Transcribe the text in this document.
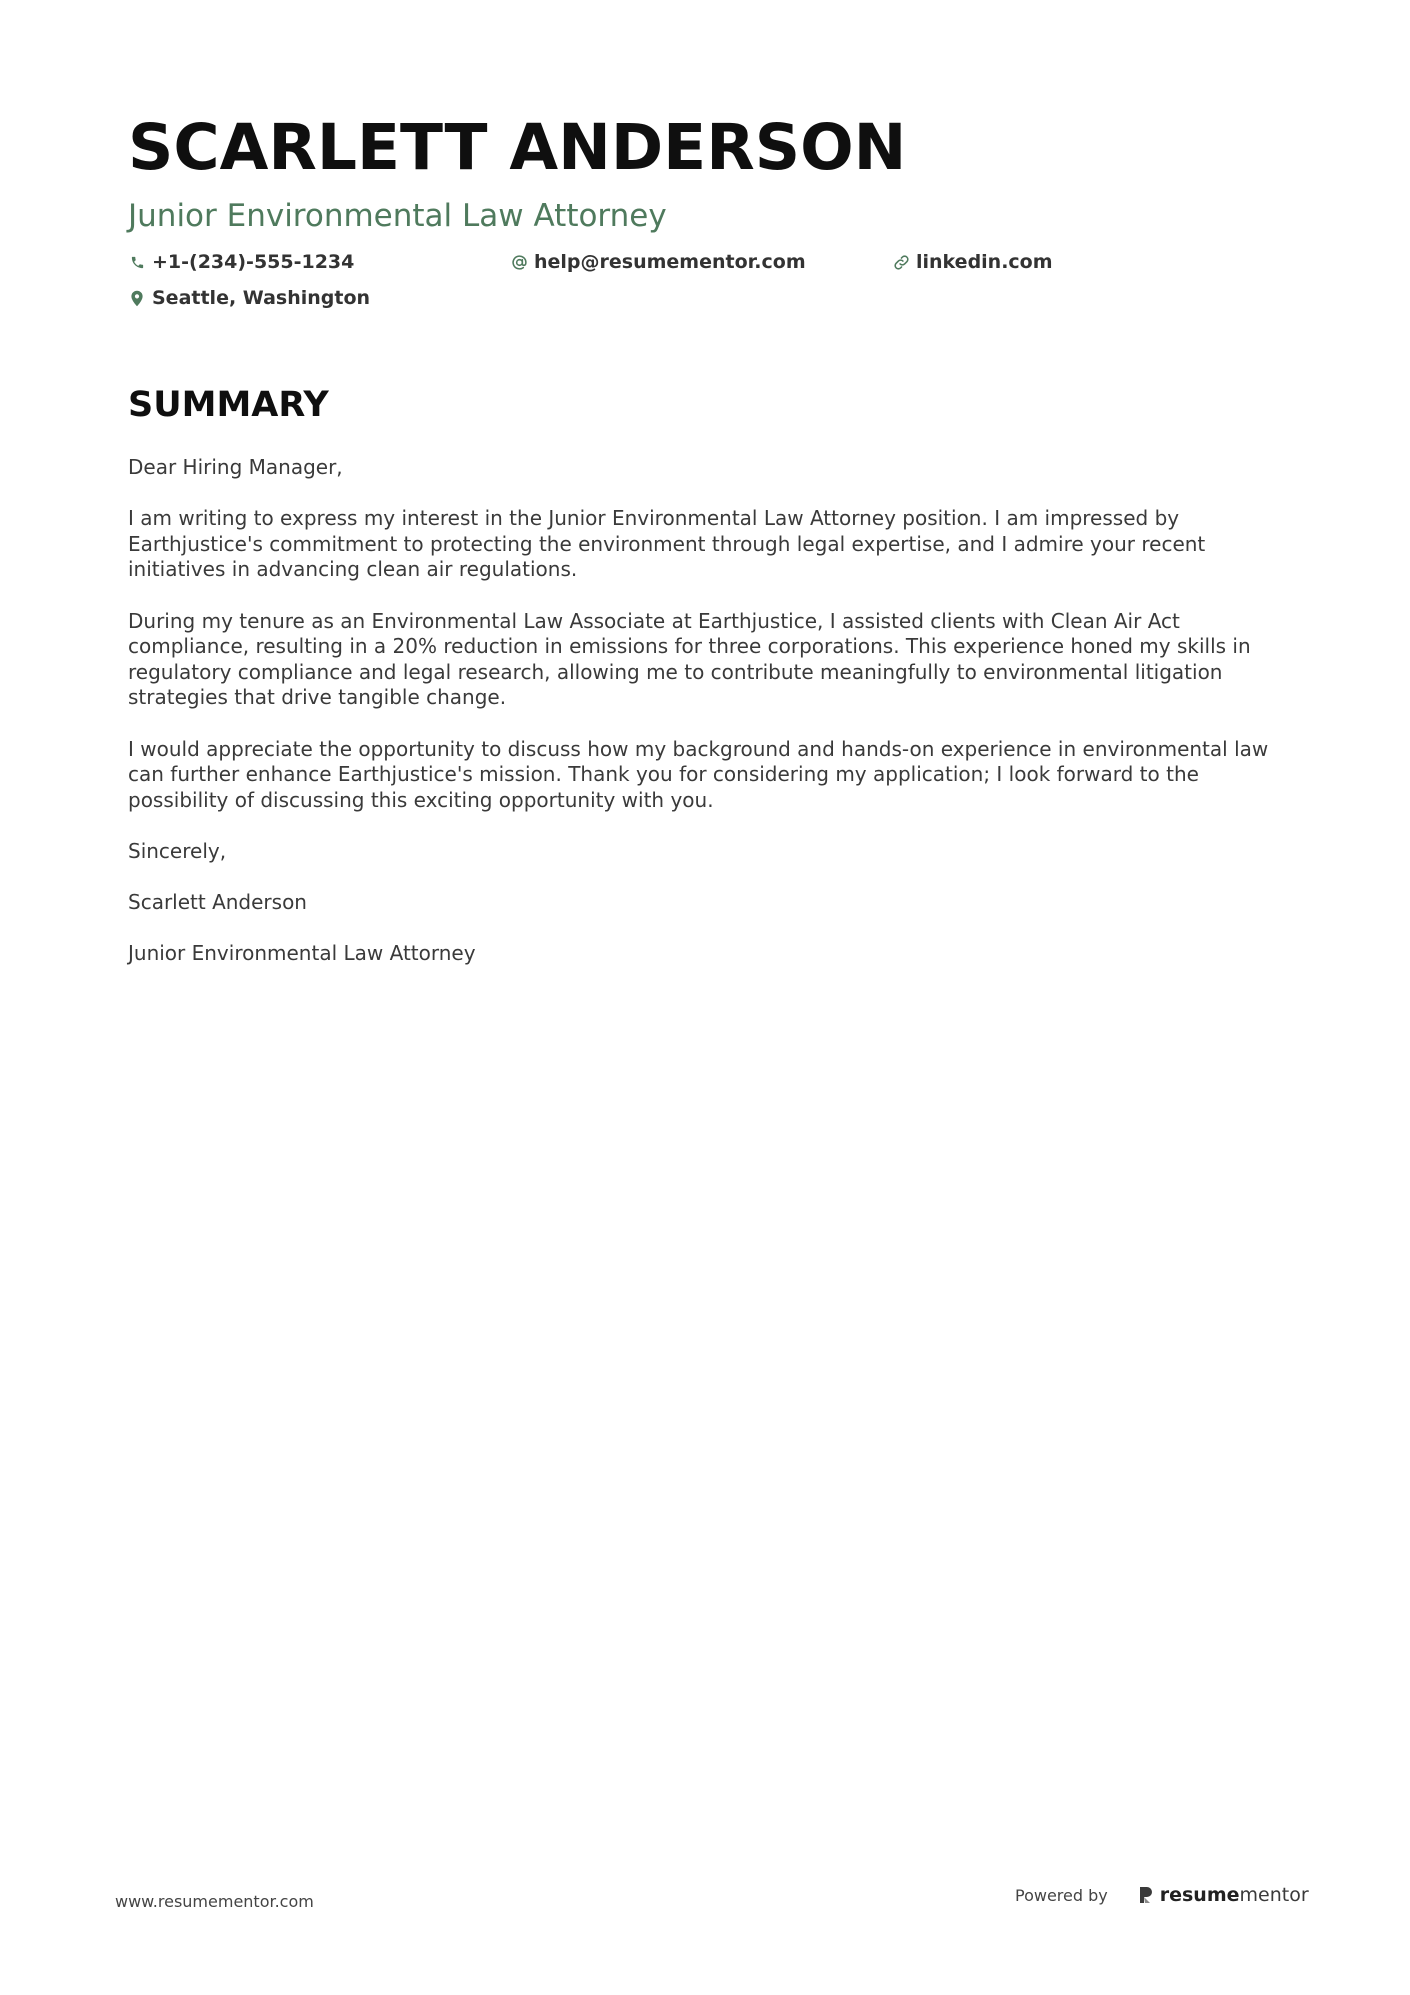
SCARLETT ANDERSON
Junior Environmental Law Attorney
+1-(234)-555-1234	help@resumementor.com	linkedin.com
Seattle, Washington
SUMMARY

Dear Hiring Manager,

I am writing to express my interest in the Junior Environmental Law Attorney position. I am impressed by Earthjustice's commitment to protecting the environment through legal expertise, and I admire your recent initiatives in advancing clean air regulations.

During my tenure as an Environmental Law Associate at Earthjustice, I assisted clients with Clean Air Act compliance, resulting in a 20% reduction in emissions for three corporations. This experience honed my skills in regulatory compliance and legal research, allowing me to contribute meaningfully to environmental litigation strategies that drive tangible change.

I would appreciate the opportunity to discuss how my background and hands-on experience in environmental law can further enhance Earthjustice's mission. Thank you for considering my application; I look forward to the possibility of discussing this exciting opportunity with you.

Sincerely,

Scarlett Anderson

Junior Environmental Law Attorney

www.resumementor.com	Powered by	resumementor
